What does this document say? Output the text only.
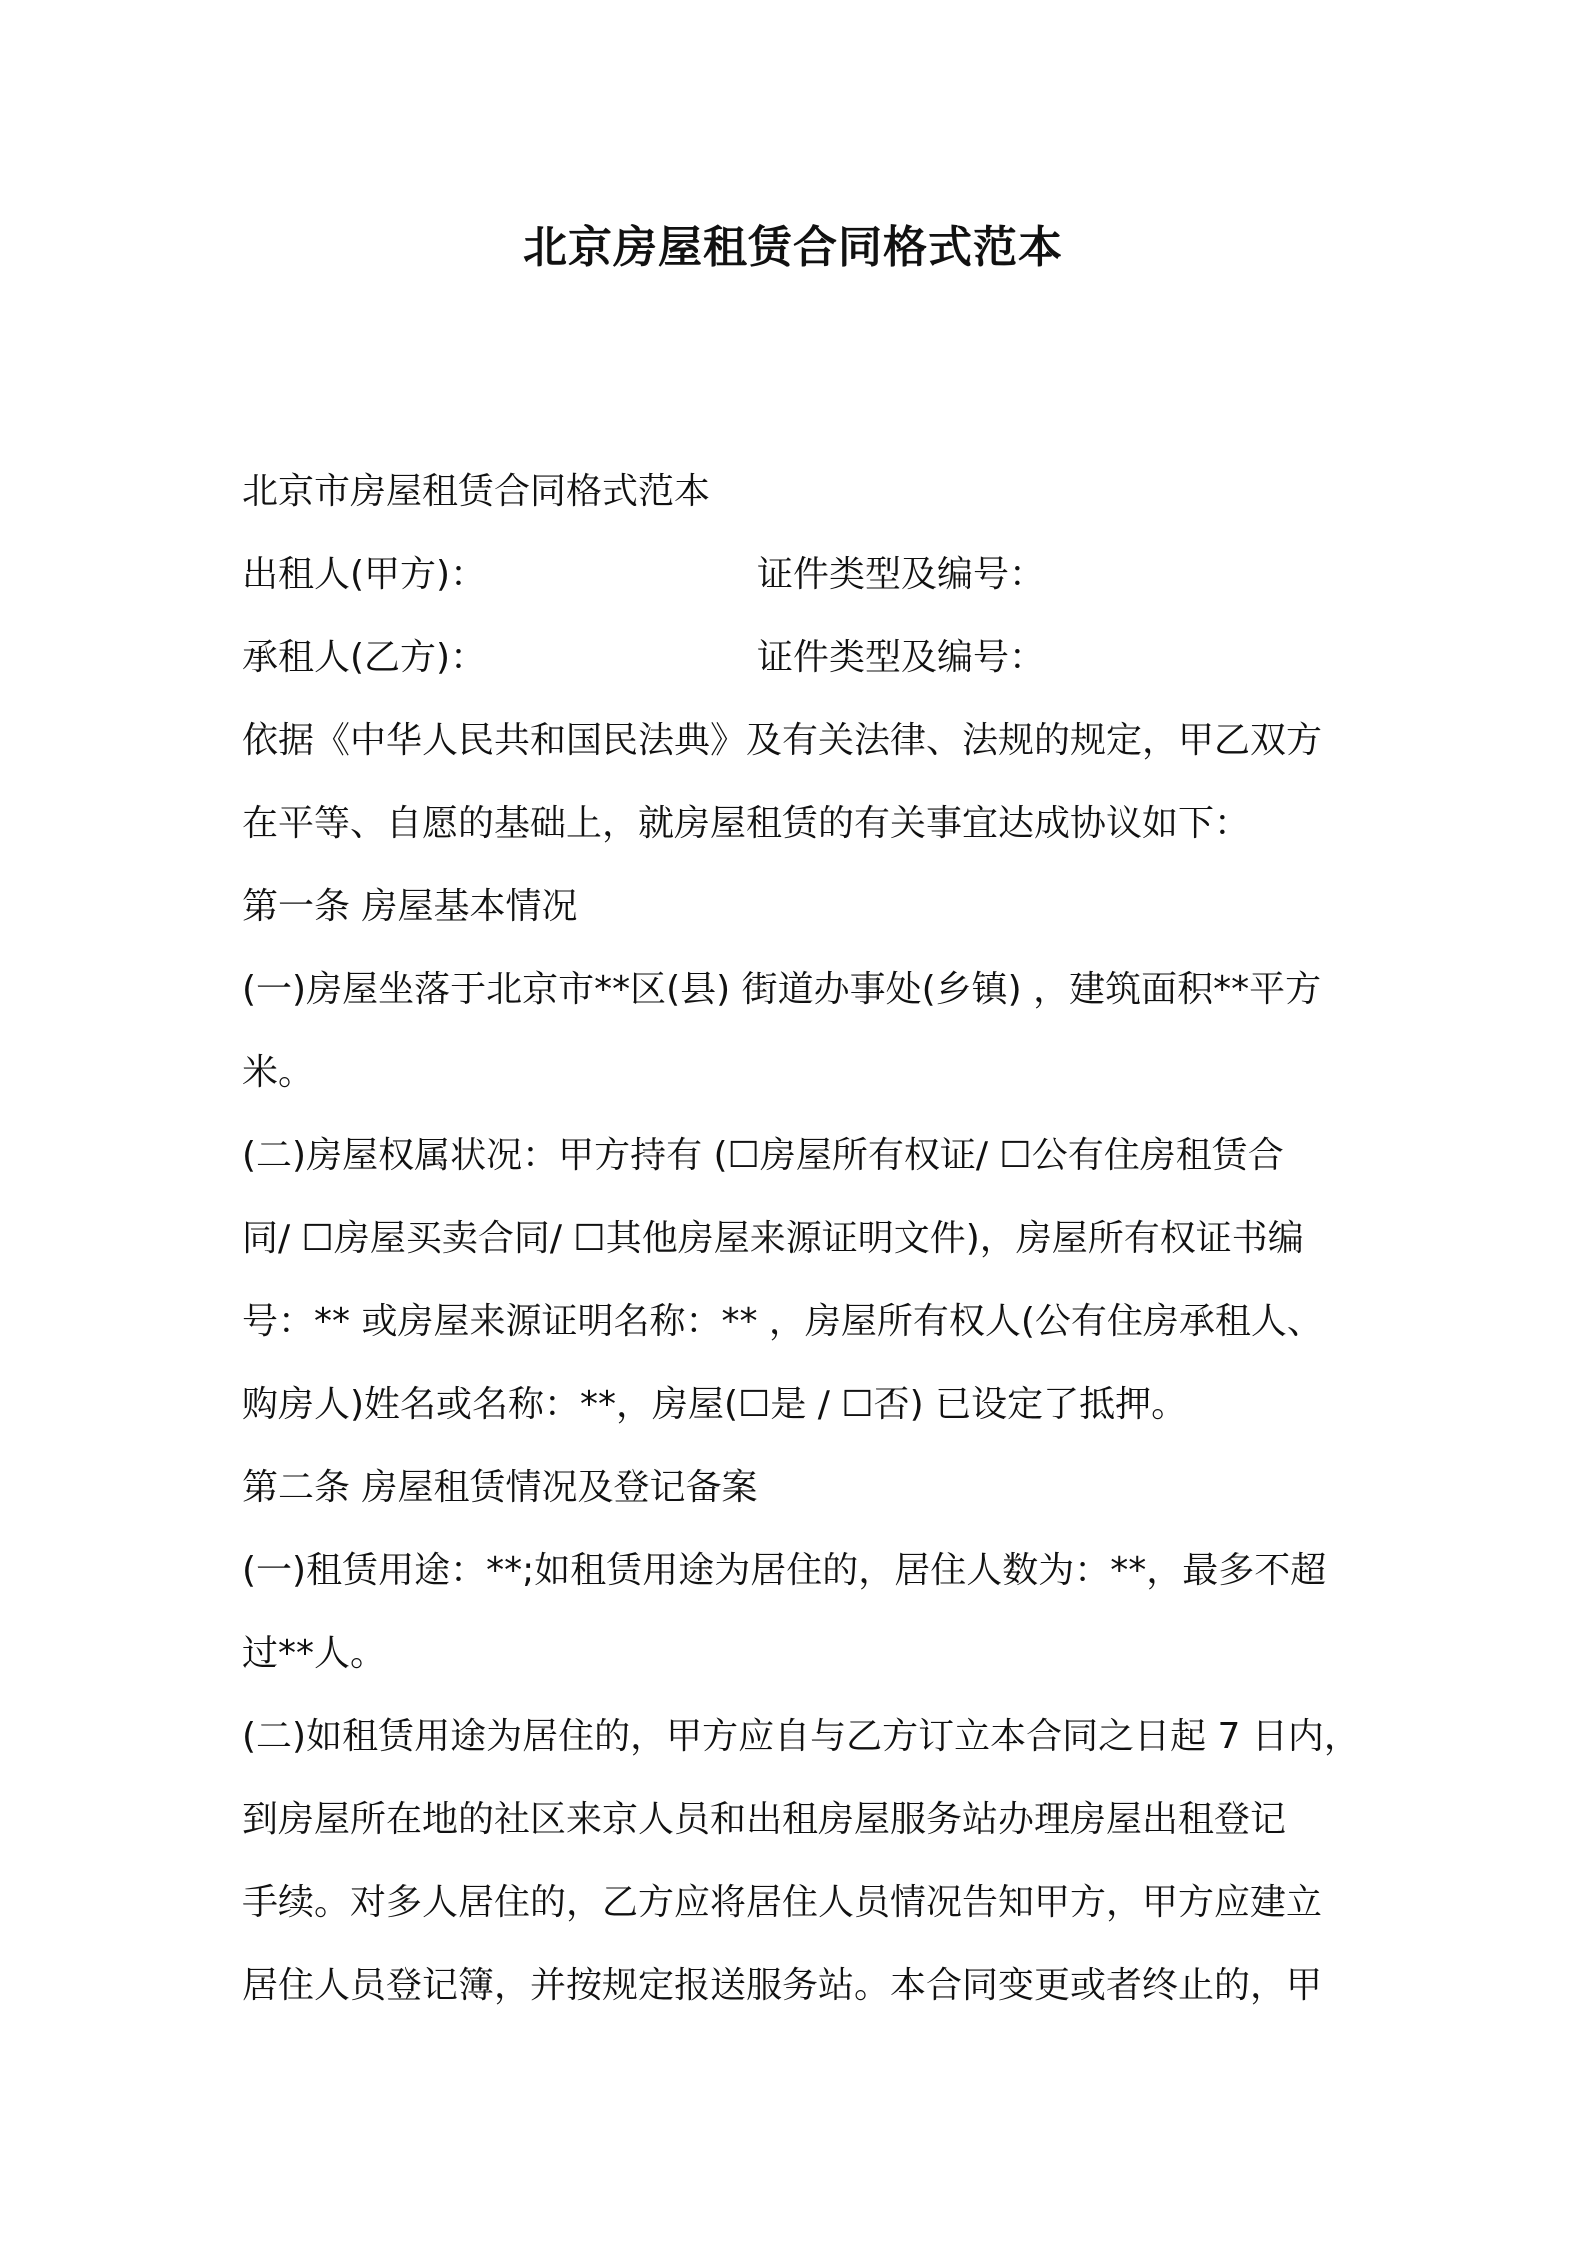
北京房屋租赁合同格式范本
北京市房屋租赁合同格式范本
出租人(甲方)：	证件类型及编号：
承租人(乙方)：	证件类型及编号：
依据《中华人民共和国民法典》及有关法律、法规的规定，甲乙双方
在平等、自愿的基础上，就房屋租赁的有关事宜达成协议如下：
第一条 房屋基本情况
(一)房屋坐落于北京市**区(县) 街道办事处(乡镇) ，建筑面积**平方
米。
(二)房屋权属状况：甲方持有 (☐房屋所有权证/ ☐公有住房租赁合
同/ ☐房屋买卖合同/ ☐其他房屋来源证明文件)，房屋所有权证书编
号：** 或房屋来源证明名称：** ，房屋所有权人(公有住房承租人、
购房人)姓名或名称：**，房屋(☐是 / ☐否) 已设定了抵押。
第二条 房屋租赁情况及登记备案
(一)租赁用途：**;如租赁用途为居住的，居住人数为：**，最多不超
过**人。
(二)如租赁用途为居住的，甲方应自与乙方订立本合同之日起 7 日内，
到房屋所在地的社区来京人员和出租房屋服务站办理房屋出租登记
手续。对多人居住的，乙方应将居住人员情况告知甲方，甲方应建立
居住人员登记簿，并按规定报送服务站。本合同变更或者终止的，甲
